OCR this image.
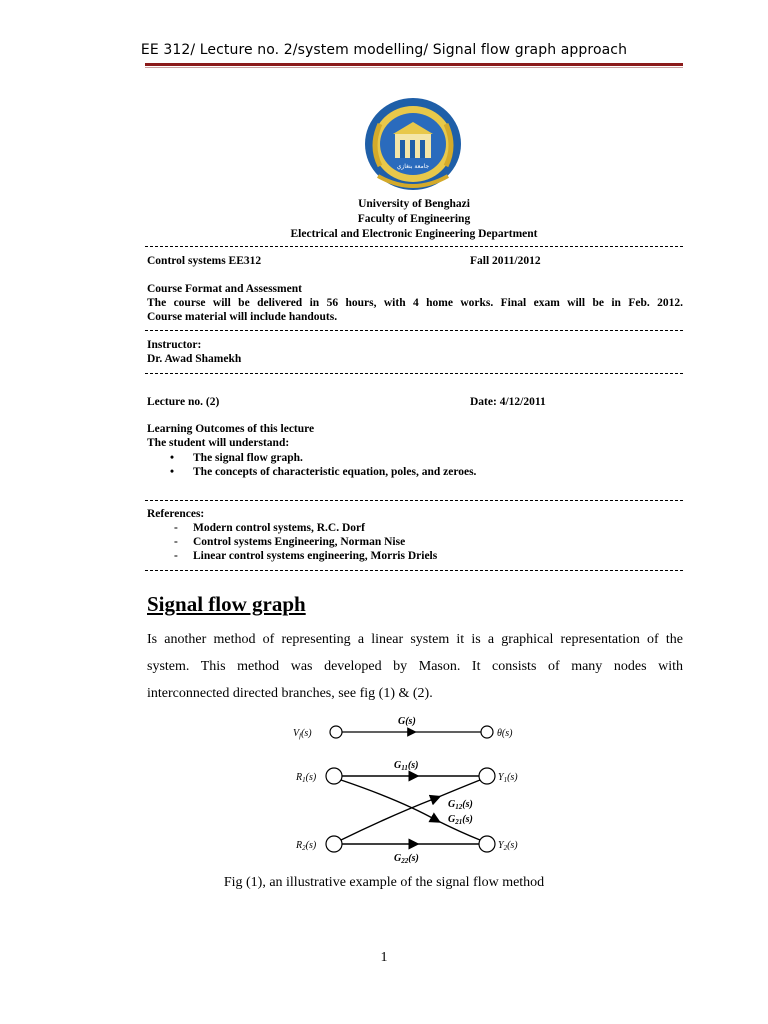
EE 312/ Lecture no. 2/system modelling/ Signal flow graph approach
جامعة بنغازي
University of Benghazi
Faculty of Engineering
Electrical and Electronic Engineering Department
Control systems EE312	Fall 2011/2012
Course Format and Assessment
The course will be delivered in 56 hours, with 4 home works. Final exam will be in Feb. 2012.
Course material will include handouts.
Instructor:
Dr. Awad Shamekh
Lecture no. (2)	Date: 4/12/2011
Learning Outcomes of this lecture
The student will understand:
• The signal flow graph.
• The concepts of characteristic equation, poles, and zeroes.
References:
- Modern control systems, R.C. Dorf
- Control systems Engineering, Norman Nise
- Linear control systems engineering, Morris Driels
Signal flow graph
Is another method of representing a linear system it is a graphical representation of the
system. This method was developed by Mason. It consists of many nodes with
interconnected directed branches, see fig (1) & (2).
$V_f(s)$
G(s)
θ(s)
$R_1(s)$
$G_{11}(s)$
$Y_1(s)$
$G_{12}(s)$
$G_{21}(s)$
$R_2(s)$	$Y_2(s)$
$G_{22}(s)$
Fig (1), an illustrative example of the signal flow method
1
